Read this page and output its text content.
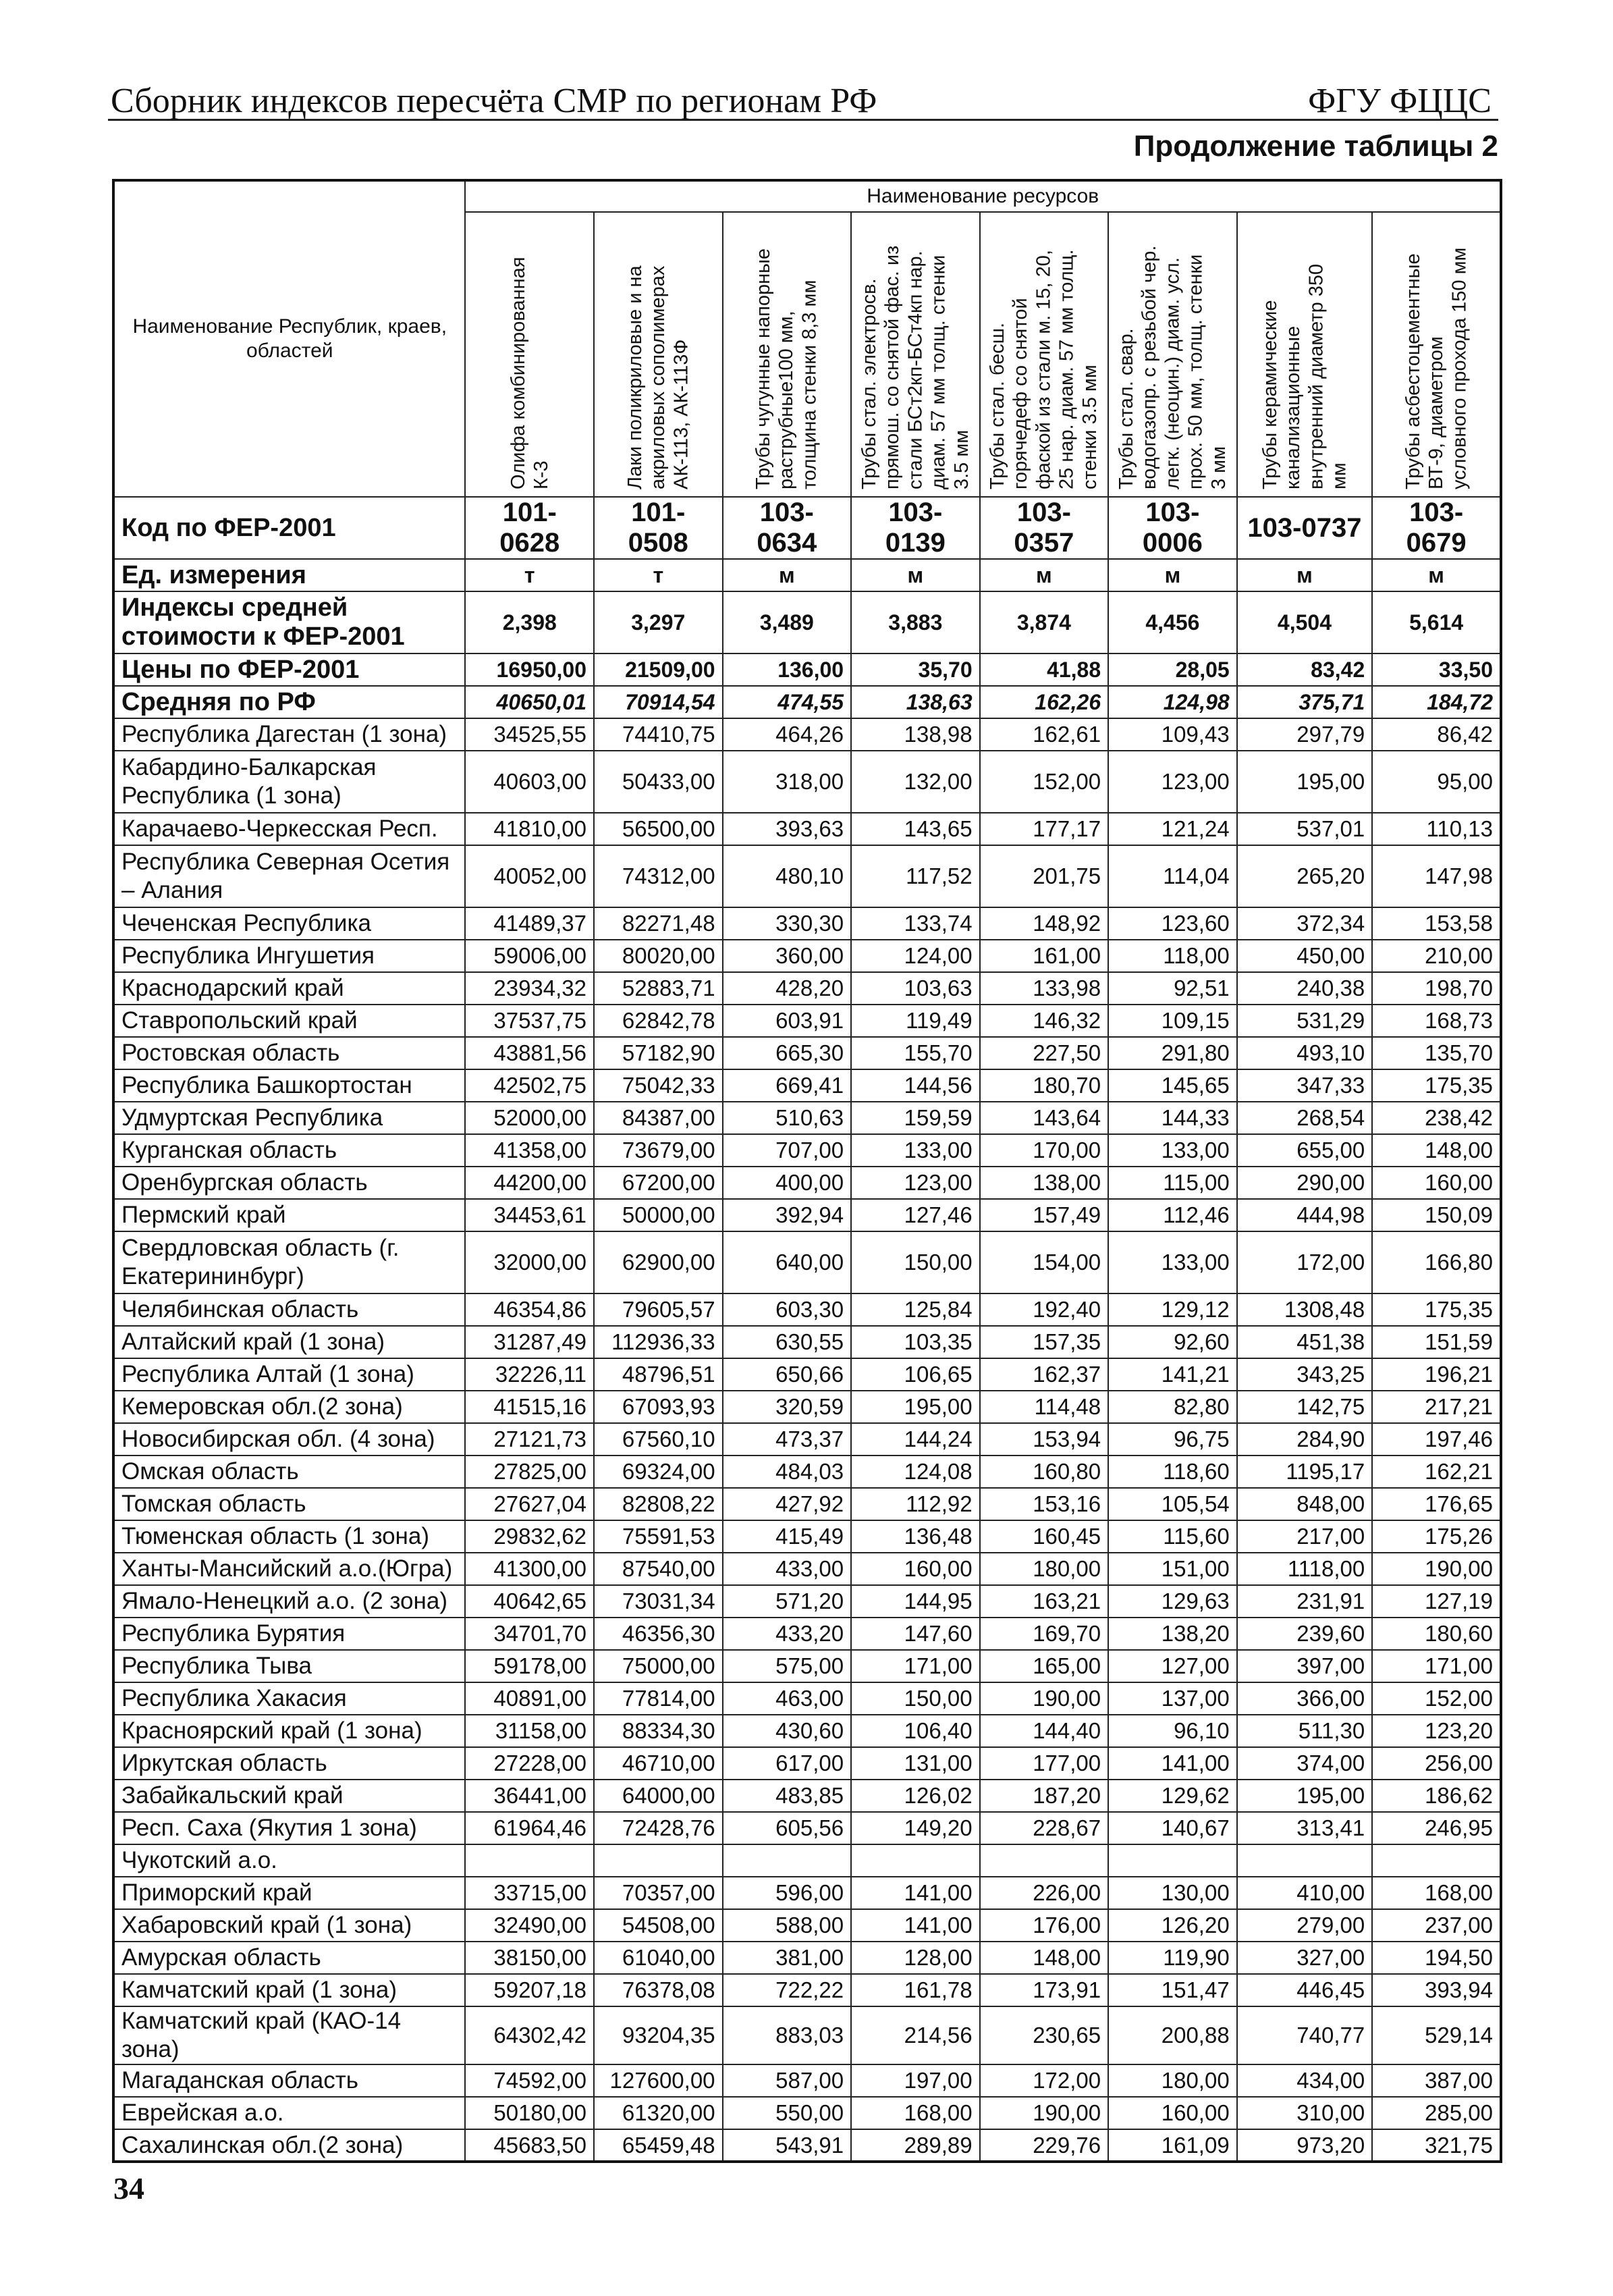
Сборник индексов пересчёта СМР по регионам РФ	ФГУ ФЦЦС
Продолжение таблицы 2
Наименование Республик, краев, областей	Наименование ресурсов							

	Олифа комбинированная К-3	Лаки поликриловые и на акриловых сополимерах АК-113, АК-113Ф	Трубы чугунные напорные раструбные100 мм, толщина стенки 8,3 мм	Трубы стал. электросв. прямош. со снятой фас. из стали БСт2кп-БСт4кп нар. диам. 57 мм толщ. стенки 3.5 мм	Трубы стал. бесш. горячедеф со снятой фаской из стали м. 15, 20, 25 нар. диам. 57 мм толщ. стенки 3.5 мм	Трубы стал. свар. водогазопр. с резьбой чер. легк. (неоцин.) диам. усл. прох. 50 мм, толщ. стенки 3 мм	Трубы керамические канализационные внутренний диаметр 350 мм	Трубы асбестоцементные ВТ-9, диаметром условного прохода 150 мм

Код по ФЕР-2001	101-0628	101-0508	103-0634	103-0139	103-0357	103-0006	103-0737	103-0679
Ед. измерения	т	т	м	м	м	м	м	м
Индексы средней стоимости к ФЕР-2001	2,398	3,297	3,489	3,883	3,874	4,456	4,504	5,614
Цены по ФЕР-2001	16950,00	21509,00	136,00	35,70	41,88	28,05	83,42	33,50
Средняя по РФ	40650,01	70914,54	474,55	138,63	162,26	124,98	375,71	184,72
Республика Дагестан (1 зона)	34525,55	74410,75	464,26	138,98	162,61	109,43	297,79	86,42
Кабардино-Балкарская Республика (1 зона)	40603,00	50433,00	318,00	132,00	152,00	123,00	195,00	95,00
Карачаево-Черкесская Респ.	41810,00	56500,00	393,63	143,65	177,17	121,24	537,01	110,13
Республика Северная Осетия – Алания	40052,00	74312,00	480,10	117,52	201,75	114,04	265,20	147,98
Чеченская Республика	41489,37	82271,48	330,30	133,74	148,92	123,60	372,34	153,58
Республика Ингушетия	59006,00	80020,00	360,00	124,00	161,00	118,00	450,00	210,00
Краснодарский край	23934,32	52883,71	428,20	103,63	133,98	92,51	240,38	198,70
Ставропольский край	37537,75	62842,78	603,91	119,49	146,32	109,15	531,29	168,73
Ростовская область	43881,56	57182,90	665,30	155,70	227,50	291,80	493,10	135,70
Республика Башкортостан	42502,75	75042,33	669,41	144,56	180,70	145,65	347,33	175,35
Удмуртская Республика	52000,00	84387,00	510,63	159,59	143,64	144,33	268,54	238,42
Курганская область	41358,00	73679,00	707,00	133,00	170,00	133,00	655,00	148,00
Оренбургская область	44200,00	67200,00	400,00	123,00	138,00	115,00	290,00	160,00
Пермский край	34453,61	50000,00	392,94	127,46	157,49	112,46	444,98	150,09
Свердловская область (г. Екатерининбург)	32000,00	62900,00	640,00	150,00	154,00	133,00	172,00	166,80
Челябинская область	46354,86	79605,57	603,30	125,84	192,40	129,12	1308,48	175,35
Алтайский край (1 зона)	31287,49	112936,33	630,55	103,35	157,35	92,60	451,38	151,59
Республика Алтай (1 зона)	32226,11	48796,51	650,66	106,65	162,37	141,21	343,25	196,21
Кемеровская обл.(2 зона)	41515,16	67093,93	320,59	195,00	114,48	82,80	142,75	217,21
Новосибирская обл. (4 зона)	27121,73	67560,10	473,37	144,24	153,94	96,75	284,90	197,46
Омская область	27825,00	69324,00	484,03	124,08	160,80	118,60	1195,17	162,21
Томская область	27627,04	82808,22	427,92	112,92	153,16	105,54	848,00	176,65
Тюменская область (1 зона)	29832,62	75591,53	415,49	136,48	160,45	115,60	217,00	175,26
Ханты-Мансийский а.о.(Югра)	41300,00	87540,00	433,00	160,00	180,00	151,00	1118,00	190,00
Ямало-Ненецкий а.о. (2 зона)	40642,65	73031,34	571,20	144,95	163,21	129,63	231,91	127,19
Республика Бурятия	34701,70	46356,30	433,20	147,60	169,70	138,20	239,60	180,60
Республика Тыва	59178,00	75000,00	575,00	171,00	165,00	127,00	397,00	171,00
Республика Хакасия	40891,00	77814,00	463,00	150,00	190,00	137,00	366,00	152,00
Красноярский край (1 зона)	31158,00	88334,30	430,60	106,40	144,40	96,10	511,30	123,20
Иркутская область	27228,00	46710,00	617,00	131,00	177,00	141,00	374,00	256,00
Забайкальский край	36441,00	64000,00	483,85	126,02	187,20	129,62	195,00	186,62
Респ. Саха (Якутия 1 зона)	61964,46	72428,76	605,56	149,20	228,67	140,67	313,41	246,95
Чукотский а.о.								
Приморский край	33715,00	70357,00	596,00	141,00	226,00	130,00	410,00	168,00
Хабаровский край (1 зона)	32490,00	54508,00	588,00	141,00	176,00	126,20	279,00	237,00
Амурская область	38150,00	61040,00	381,00	128,00	148,00	119,90	327,00	194,50
Камчатский край (1 зона)	59207,18	76378,08	722,22	161,78	173,91	151,47	446,45	393,94
Камчатский край (КАО-14 зона)	64302,42	93204,35	883,03	214,56	230,65	200,88	740,77	529,14
Магаданская область	74592,00	127600,00	587,00	197,00	172,00	180,00	434,00	387,00
Еврейская а.о.	50180,00	61320,00	550,00	168,00	190,00	160,00	310,00	285,00
Сахалинская обл.(2 зона)	45683,50	65459,48	543,91	289,89	229,76	161,09	973,20	321,75
34
